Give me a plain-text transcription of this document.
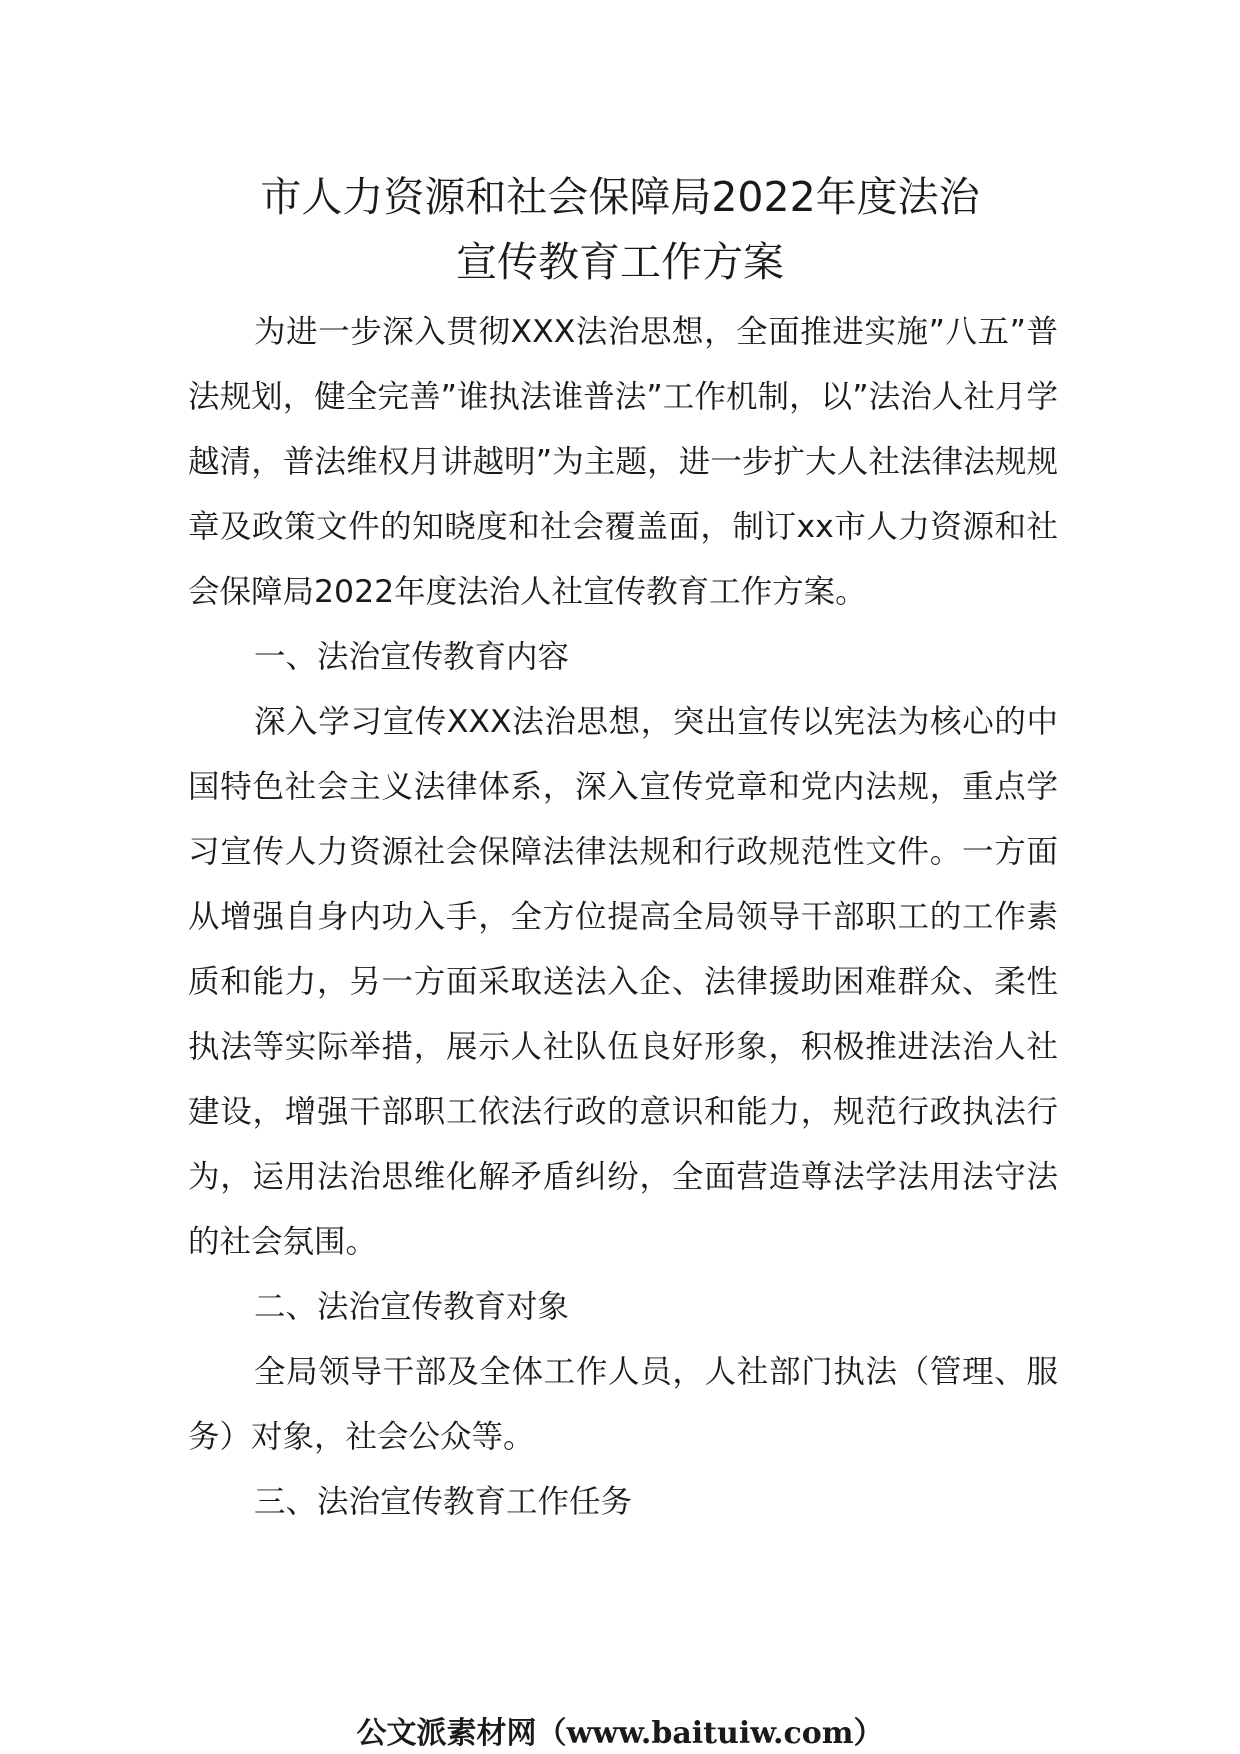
市人力资源和社会保障局2022年度法治
宣传教育工作方案

为进一步深入贯彻XXX法治思想，全面推进实施”八五”普法规划，健全完善”谁执法谁普法”工作机制，以”法治人社月学越清，普法维权月讲越明”为主题，进一步扩大人社法律法规规章及政策文件的知晓度和社会覆盖面，制订xx市人力资源和社会保障局2022年度法治人社宣传教育工作方案。

一、法治宣传教育内容

深入学习宣传XXX法治思想，突出宣传以宪法为核心的中国特色社会主义法律体系，深入宣传党章和党内法规，重点学习宣传人力资源社会保障法律法规和行政规范性文件。一方面从增强自身内功入手，全方位提高全局领导干部职工的工作素质和能力，另一方面采取送法入企、法律援助困难群众、柔性执法等实际举措，展示人社队伍良好形象，积极推进法治人社建设，增强干部职工依法行政的意识和能力，规范行政执法行为，运用法治思维化解矛盾纠纷，全面营造尊法学法用法守法的社会氛围。

二、法治宣传教育对象

全局领导干部及全体工作人员，人社部门执法（管理、服务）对象，社会公众等。

三、法治宣传教育工作任务

公文派素材网（www.baituiw.com）
